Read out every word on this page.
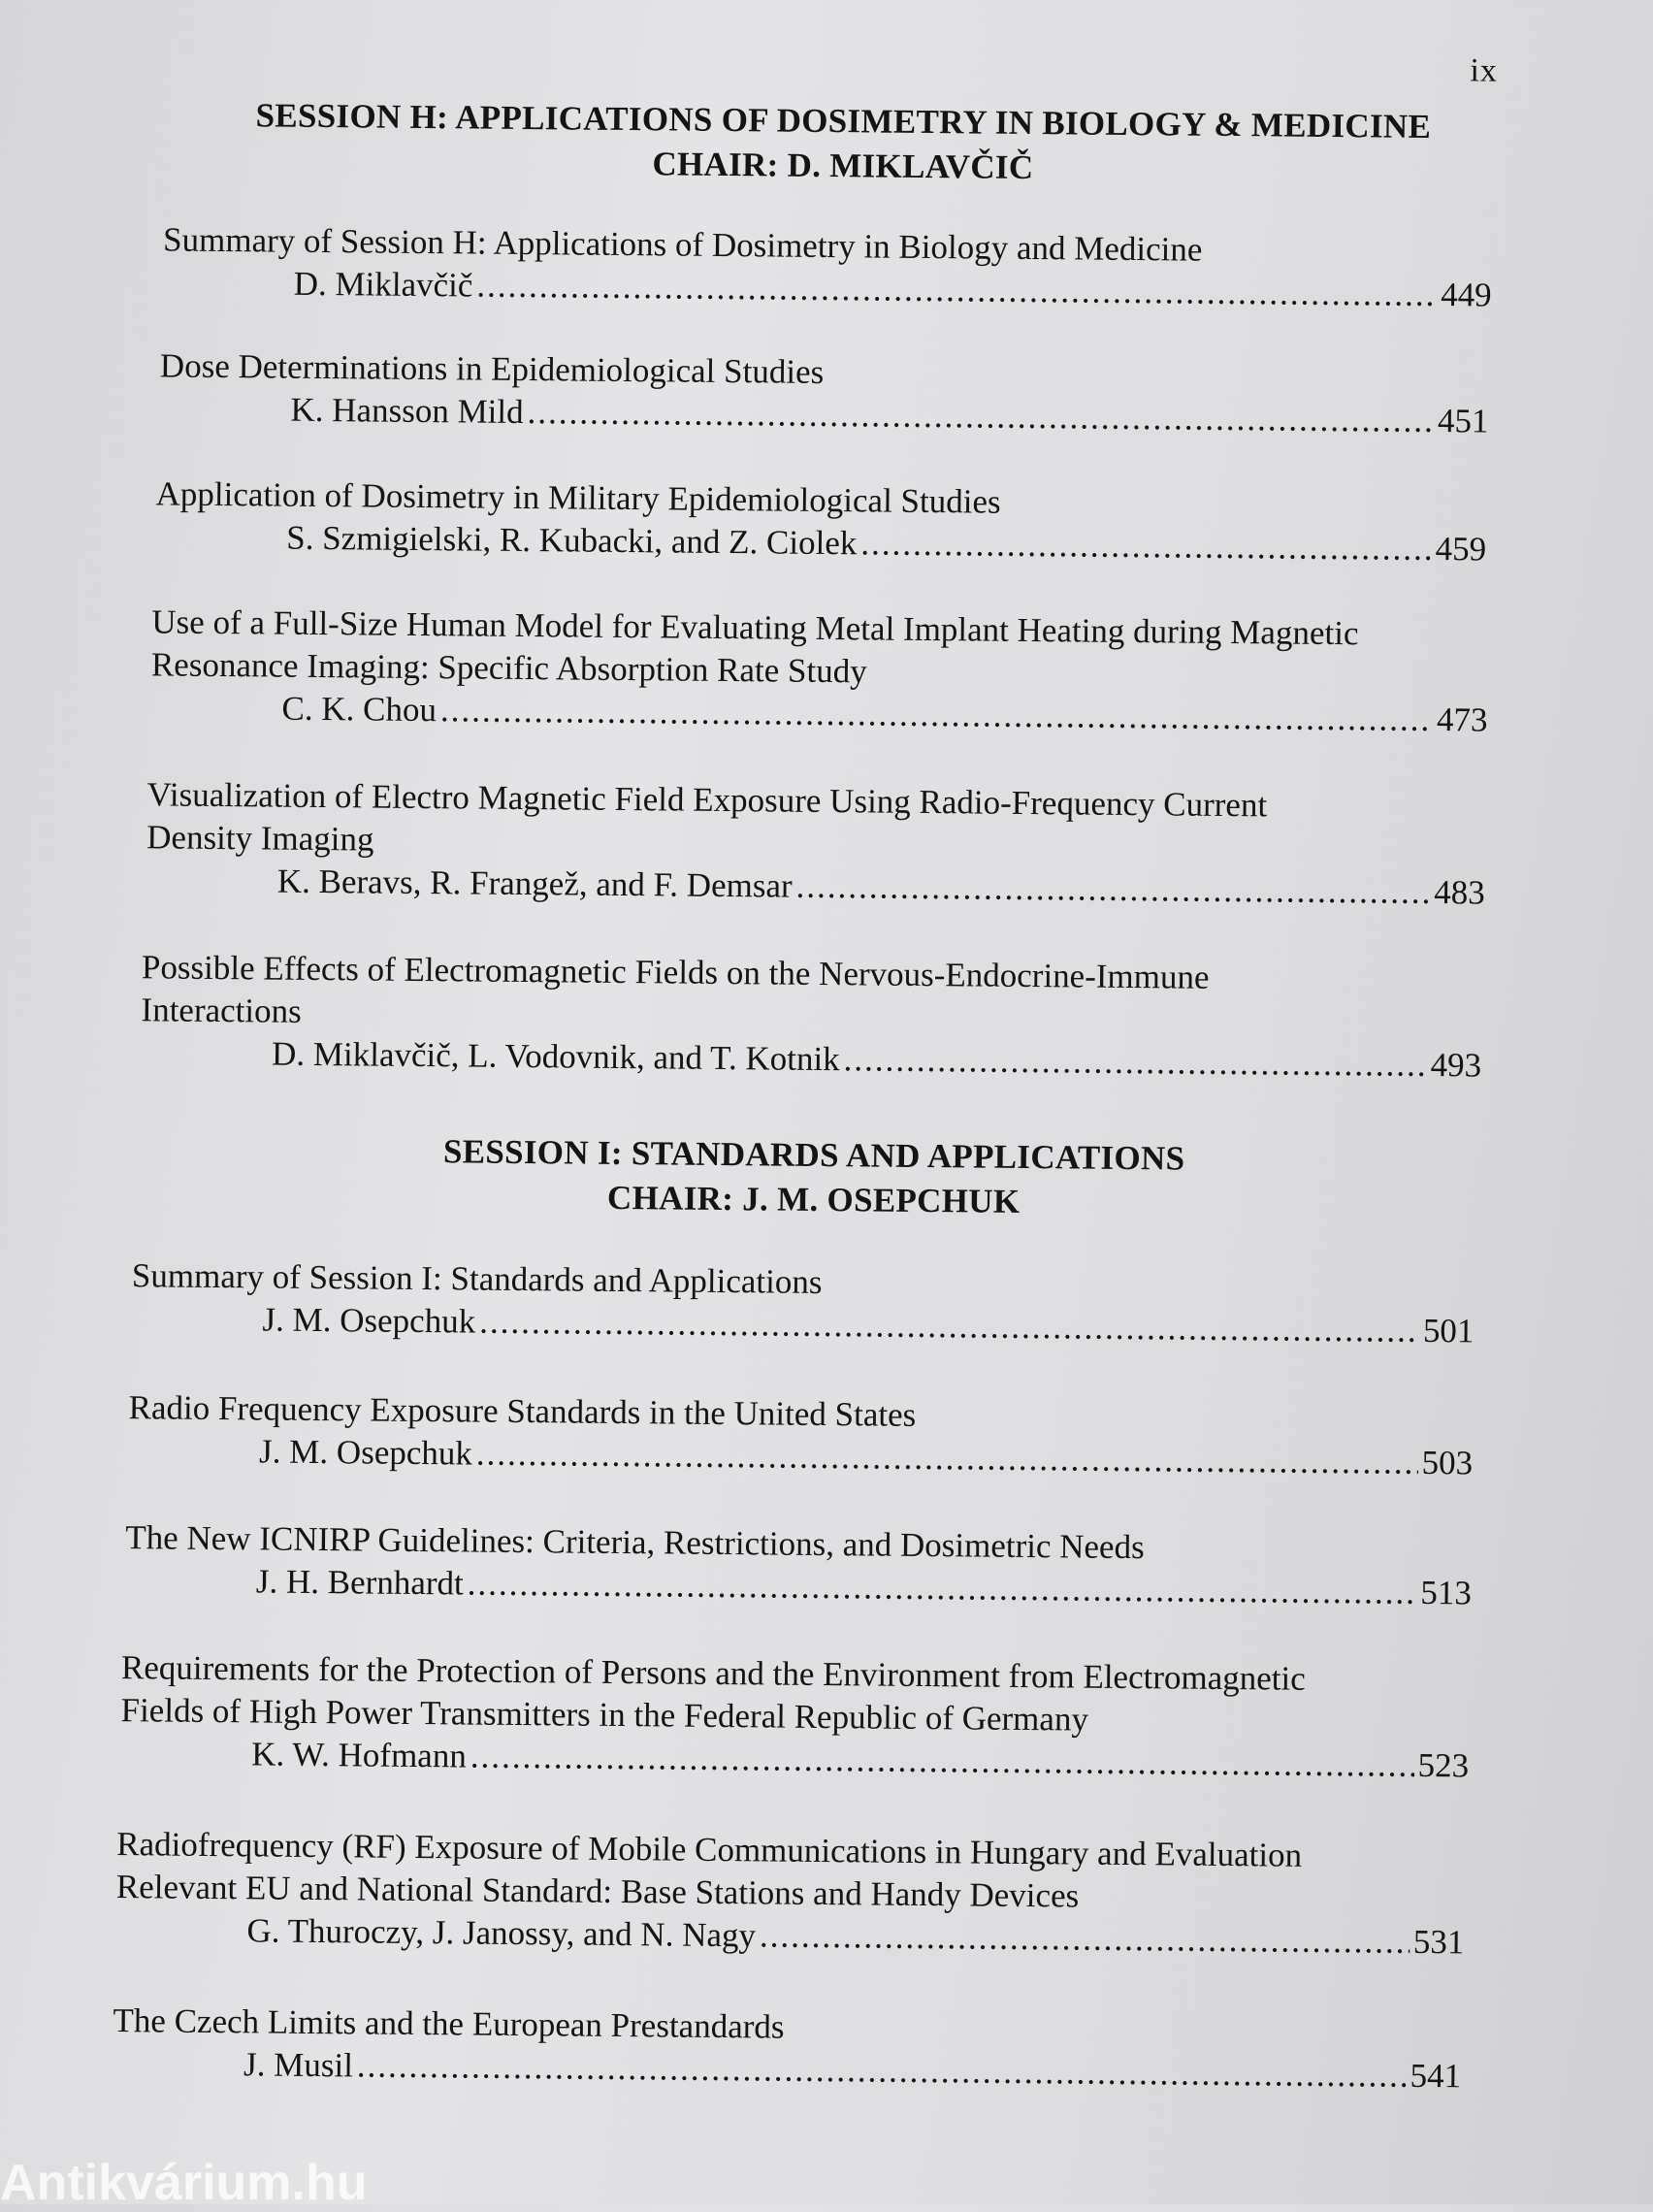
ix
SESSION H: APPLICATIONS OF DOSIMETRY IN BIOLOGY & MEDICINE
CHAIR: D. MIKLAVČIČ
Summary of Session H: Applications of Dosimetry in Biology and Medicine
D. Miklavčič .....	449
Dose Determinations in Epidemiological Studies
K. Hansson Mild .....	451
Application of Dosimetry in Military Epidemiological Studies
S. Szmigielski, R. Kubacki, and Z. Ciolek .....	459
Use of a Full-Size Human Model for Evaluating Metal Implant Heating during Magnetic
Resonance Imaging: Specific Absorption Rate Study
C. K. Chou .....	473
Visualization of Electro Magnetic Field Exposure Using Radio-Frequency Current
Density Imaging
K. Beravs, R. Frangež, and F. Demsar .....	483
Possible Effects of Electromagnetic Fields on the Nervous-Endocrine-Immune
Interactions
D. Miklavčič, L. Vodovnik, and T. Kotnik .....	493
SESSION I: STANDARDS AND APPLICATIONS
CHAIR: J. M. OSEPCHUK
Summary of Session I: Standards and Applications
J. M. Osepchuk .....	501
Radio Frequency Exposure Standards in the United States
J. M. Osepchuk .....	503
The New ICNIRP Guidelines: Criteria, Restrictions, and Dosimetric Needs
J. H. Bernhardt .....	513
Requirements for the Protection of Persons and the Environment from Electromagnetic
Fields of High Power Transmitters in the Federal Republic of Germany
K. W. Hofmann .....	523
Radiofrequency (RF) Exposure of Mobile Communications in Hungary and Evaluation
Relevant EU and National Standard: Base Stations and Handy Devices
G. Thuroczy, J. Janossy, and N. Nagy .....	531
The Czech Limits and the European Prestandards
J. Musil .....	541
Antikvárium.hu
